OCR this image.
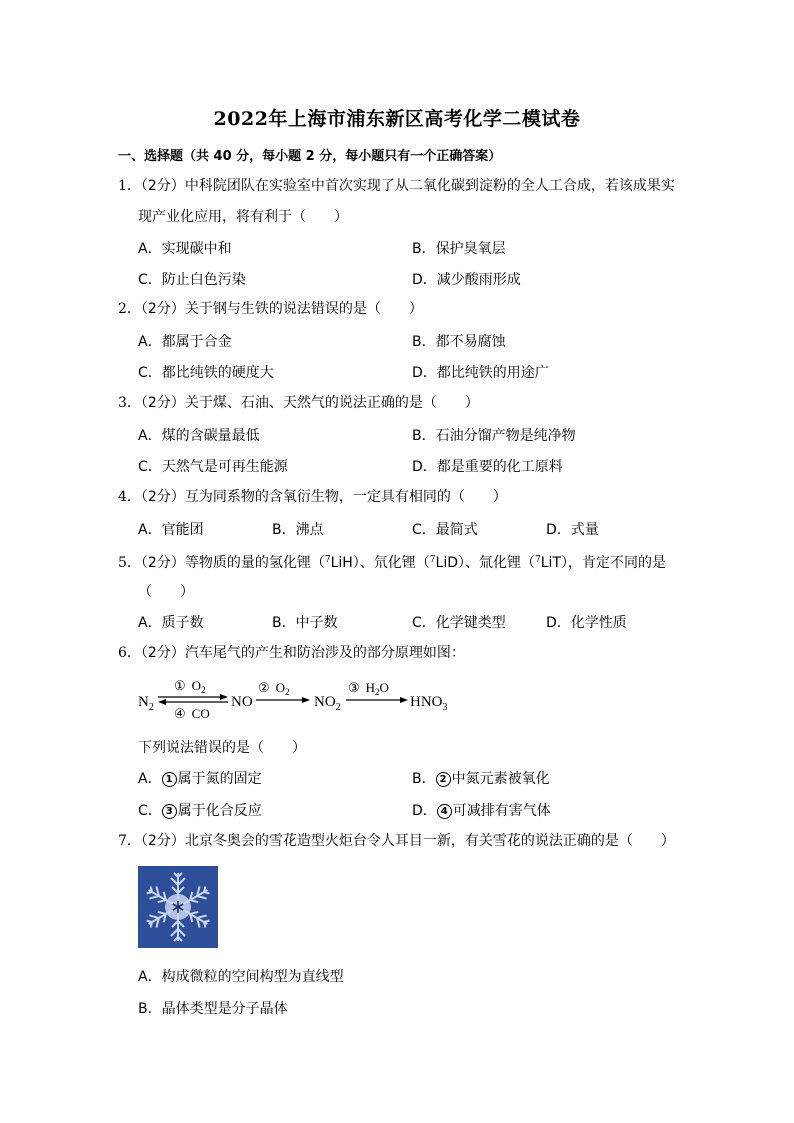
2022年上海市浦东新区高考化学二模试卷
一、选择题（共 40 分，每小题 2 分，每小题只有一个正确答案）
1．（2分）中科院团队在实验室中首次实现了从二氧化碳到淀粉的全人工合成，若该成果实
现产业化应用，将有利于（　　）
A．实现碳中和	B．保护臭氧层
C．防止白色污染	D．减少酸雨形成
2．（2分）关于钢与生铁的说法错误的是（　　）
A．都属于合金	B．都不易腐蚀
C．都比纯铁的硬度大	D．都比纯铁的用途广
3．（2分）关于煤、石油、天然气的说法正确的是（　　）
A．煤的含碳量最低	B．石油分馏产物是纯净物
C．天然气是可再生能源	D．都是重要的化工原料
4．（2分）互为同系物的含氧衍生物，一定具有相同的（　　）
A．官能团	B．沸点	C．最简式	D．式量
5．（2分）等物质的量的氢化锂（$^7$LiH）、氘化锂（$^7$LiD）、氚化锂（$^7$LiT），肯定不同的是
（　　）
A．质子数	B．中子数	C．化学键类型	D．化学性质
6．（2分）汽车尾气的产生和防治涉及的部分原理如图：
$N_2$
① $O_2$
④ CO
NO
② $O_2$
$NO_2$
③ $H_2O$
$HNO_3$
下列说法错误的是（　　）
A． 1 属于氮的固定	B． 2 中氮元素被氧化
C． 3 属于化合反应	D． 4 可减排有害气体
7．（2分）北京冬奥会的雪花造型火炬台令人耳目一新，有关雪花的说法正确的是（　　）
A．构成微粒的空间构型为直线型
B．晶体类型是分子晶体
